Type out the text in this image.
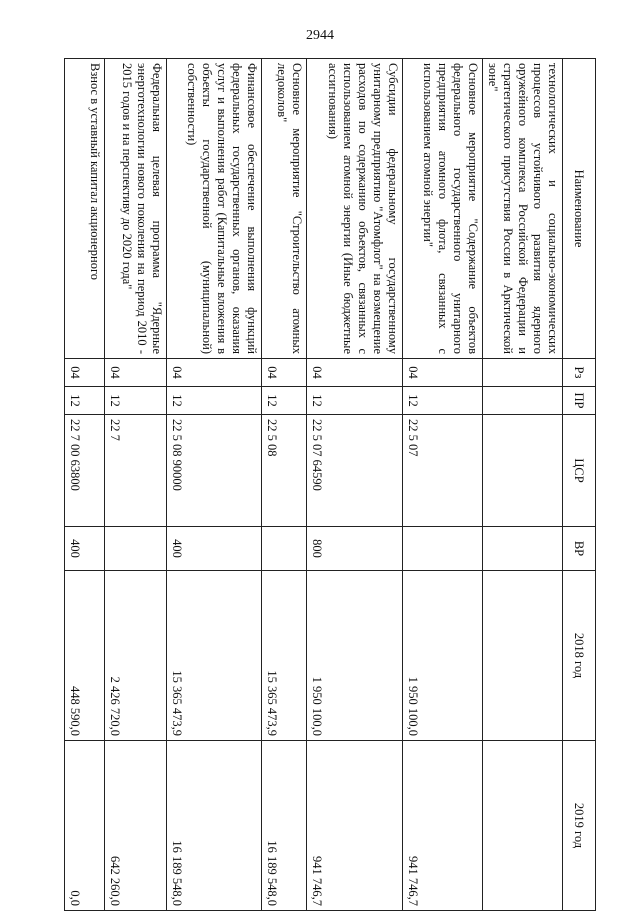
2944
Наименование	Рз	ПР	ЦСР	ВР	2018 год	2019 год
технологических и социально-экономических процессов устойчивого развития ядерного оружейного комплекса Российской Федерации и стратегического присутствия России в Арктической зоне"						
Основное мероприятие "Содержание объектов федерального государственного унитарного предприятия атомного флота, связанных с использованием атомной энергии"	04	12	22 5 07		1 950 100,0	941 746,7
Субсидии федеральному государственному унитарному предприятию "Атомфлот" на возмещение расходов по содержанию объектов, связанных с использованием атомной энергии (Иные бюджетные ассигнования)	04	12	22 5 07 64590	800	1 950 100,0	941 746,7
Основное мероприятие "Строительство атомных ледоколов"	04	12	22 5 08		15 365 473,9	16 189 548,0
Финансовое обеспечение выполнения функций федеральных государственных органов, оказания услуг и выполнения работ (Капитальные вложения в объекты государственной (муниципальной) собственности)	04	12	22 5 08 90000	400	15 365 473,9	16 189 548,0
Федеральная целевая программа "Ядерные энерготехнологии нового поколения на период 2010 - 2015 годов и на перспективу до 2020 года"	04	12	22 7		2 426 720,0	642 260,0
Взнос в уставный капитал акционерного	04	12	22 7 00 63800	400	448 590,0	0,0
